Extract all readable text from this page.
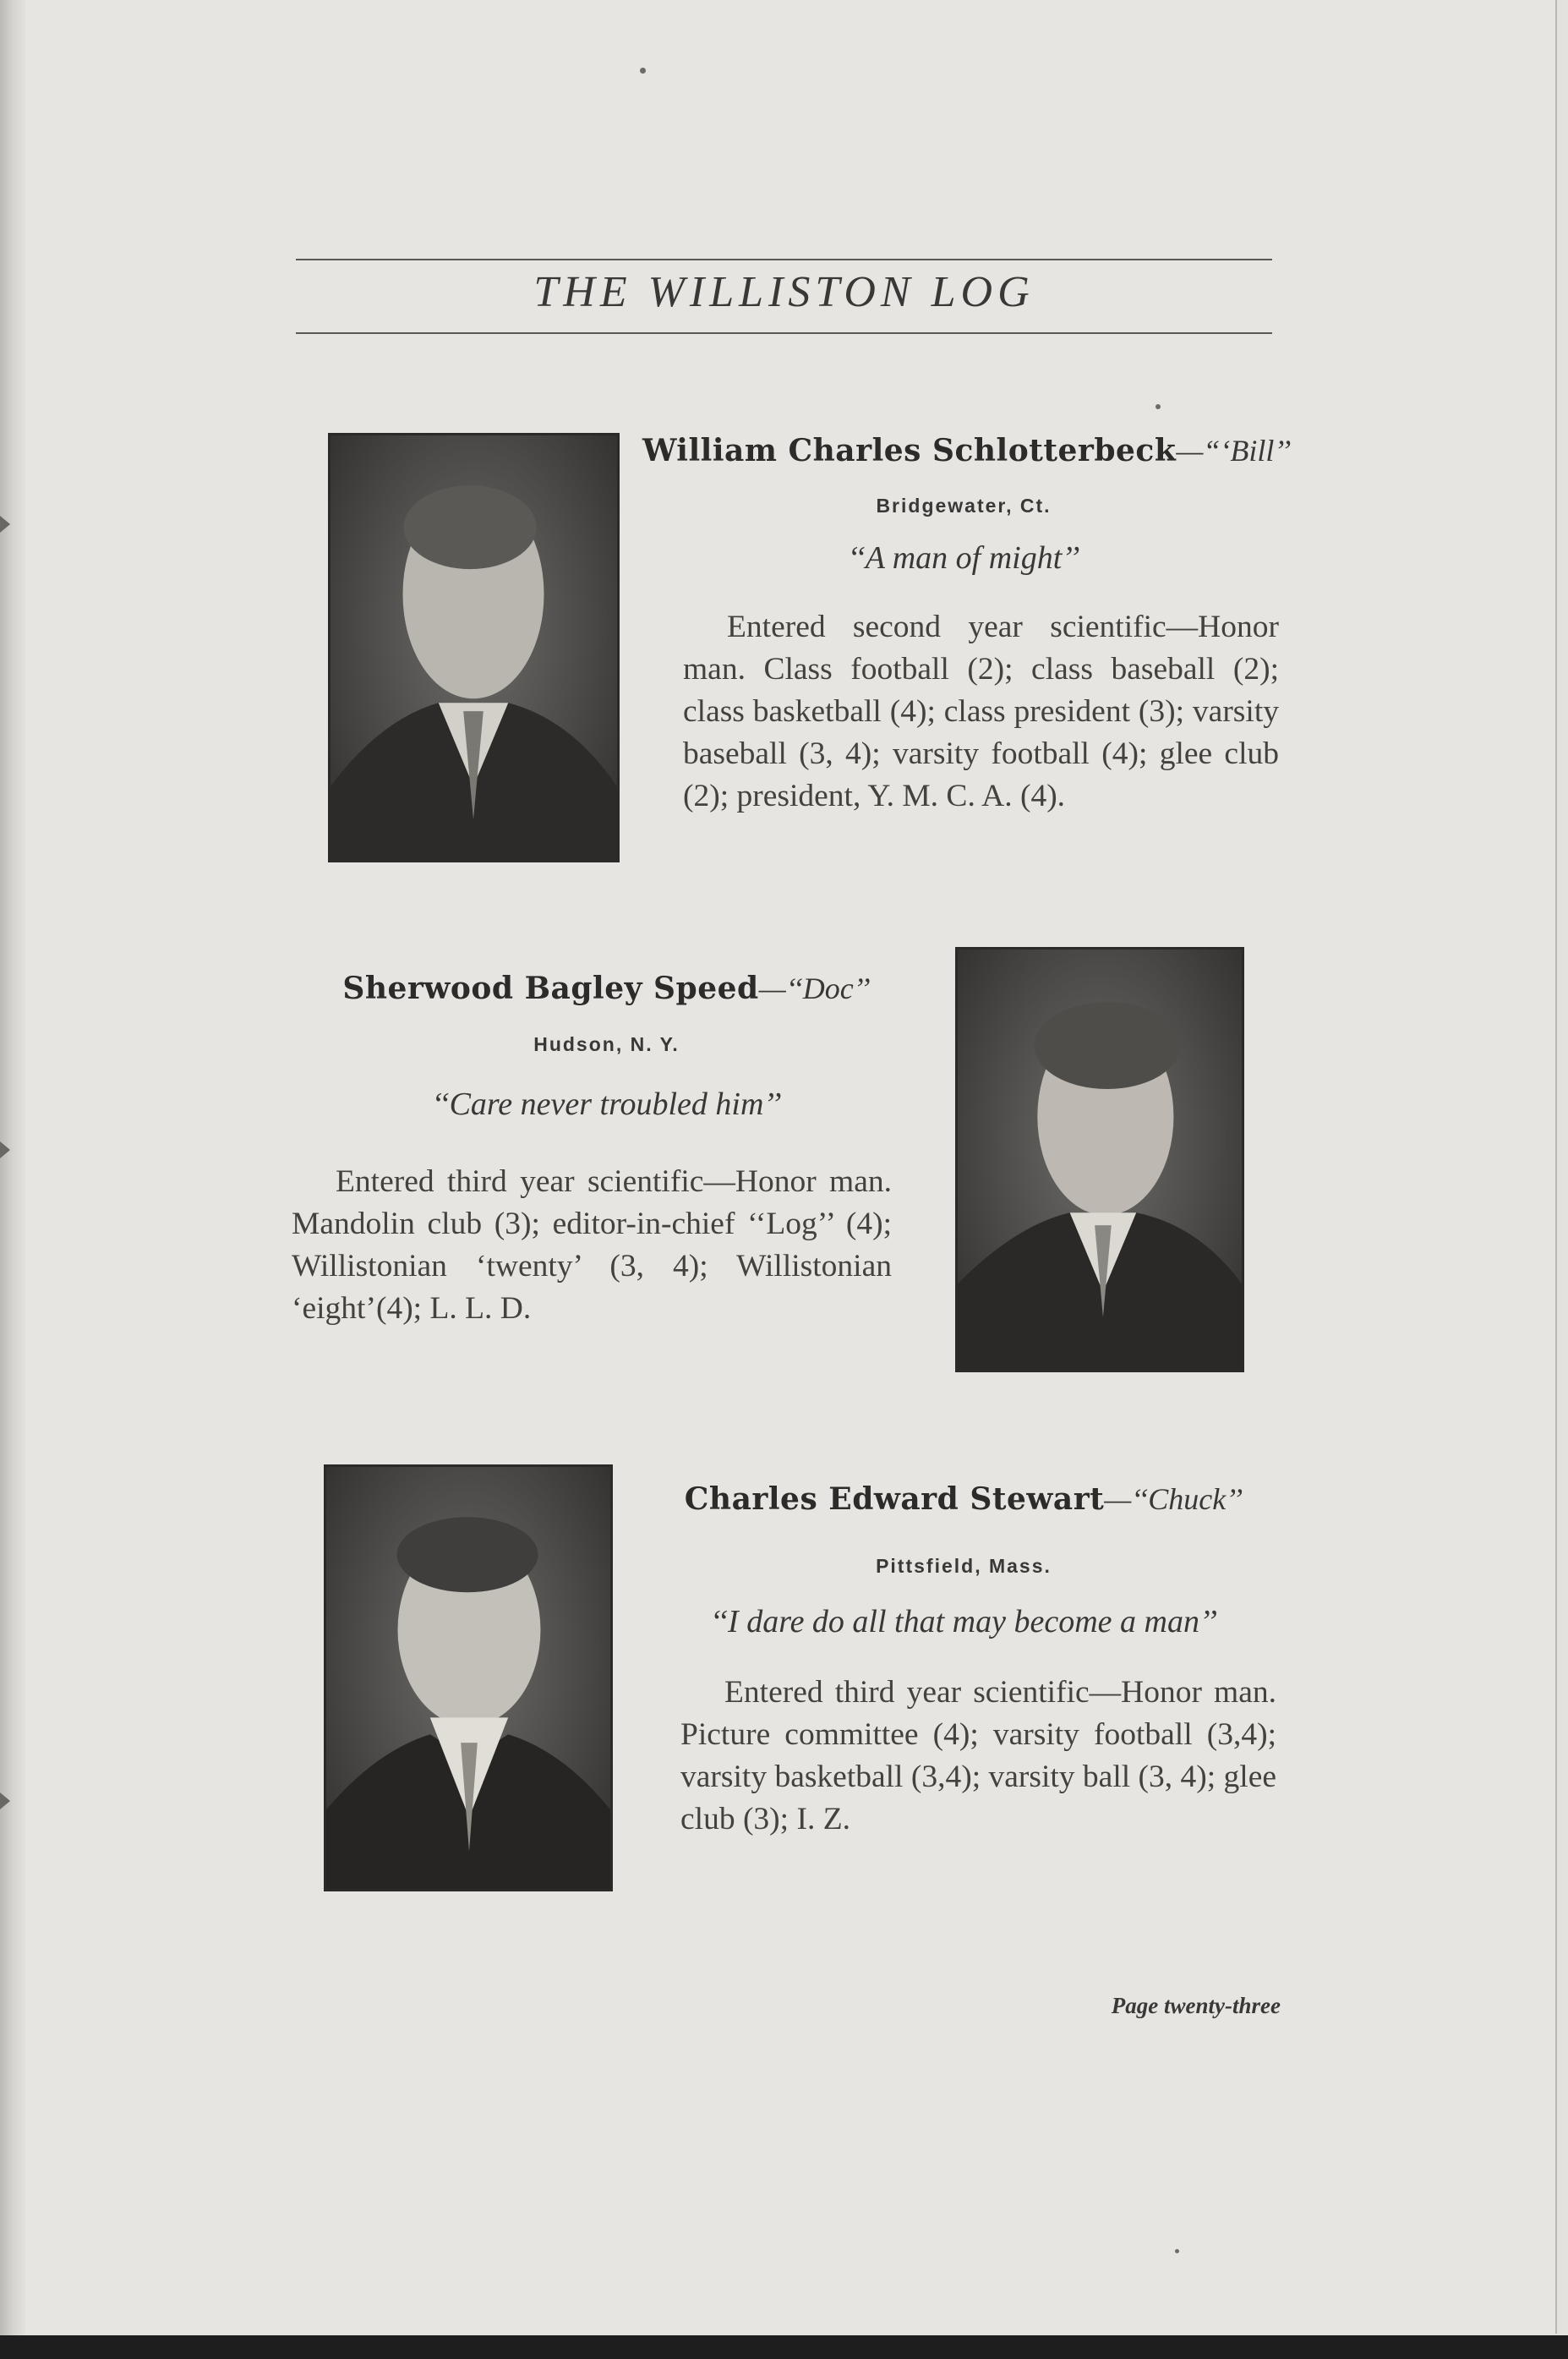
THE WILLISTON LOG
William Charles Schlotterbeck—“‘Bill’’
Bridgewater, Ct.
‘‘A man of might’’
Entered second year scientific—Honor man. Class football (2); class baseball (2); class basketball (4); class president (3); varsity baseball (3, 4); varsity football (4); glee club (2); president, Y. M. C. A. (4).
Sherwood Bagley Speed—‘‘Doc’’
Hudson, N. Y.
‘‘Care never troubled him’’
Entered third year scientific—Honor man. Mandolin club (3); editor-in-chief ‘‘Log’’ (4); Willistonian ‘twenty’ (3, 4); Willistonian ‘eight’(4); L. L. D.
Charles Edward Stewart—‘‘Chuck’’
Pittsfield, Mass.
‘‘I dare do all that may become a man’’
Entered third year scientific—Honor man. Picture committee (4); varsity football (3,4); varsity basketball (3,4); varsity ball (3, 4); glee club (3); I. Z.
Page twenty-three
